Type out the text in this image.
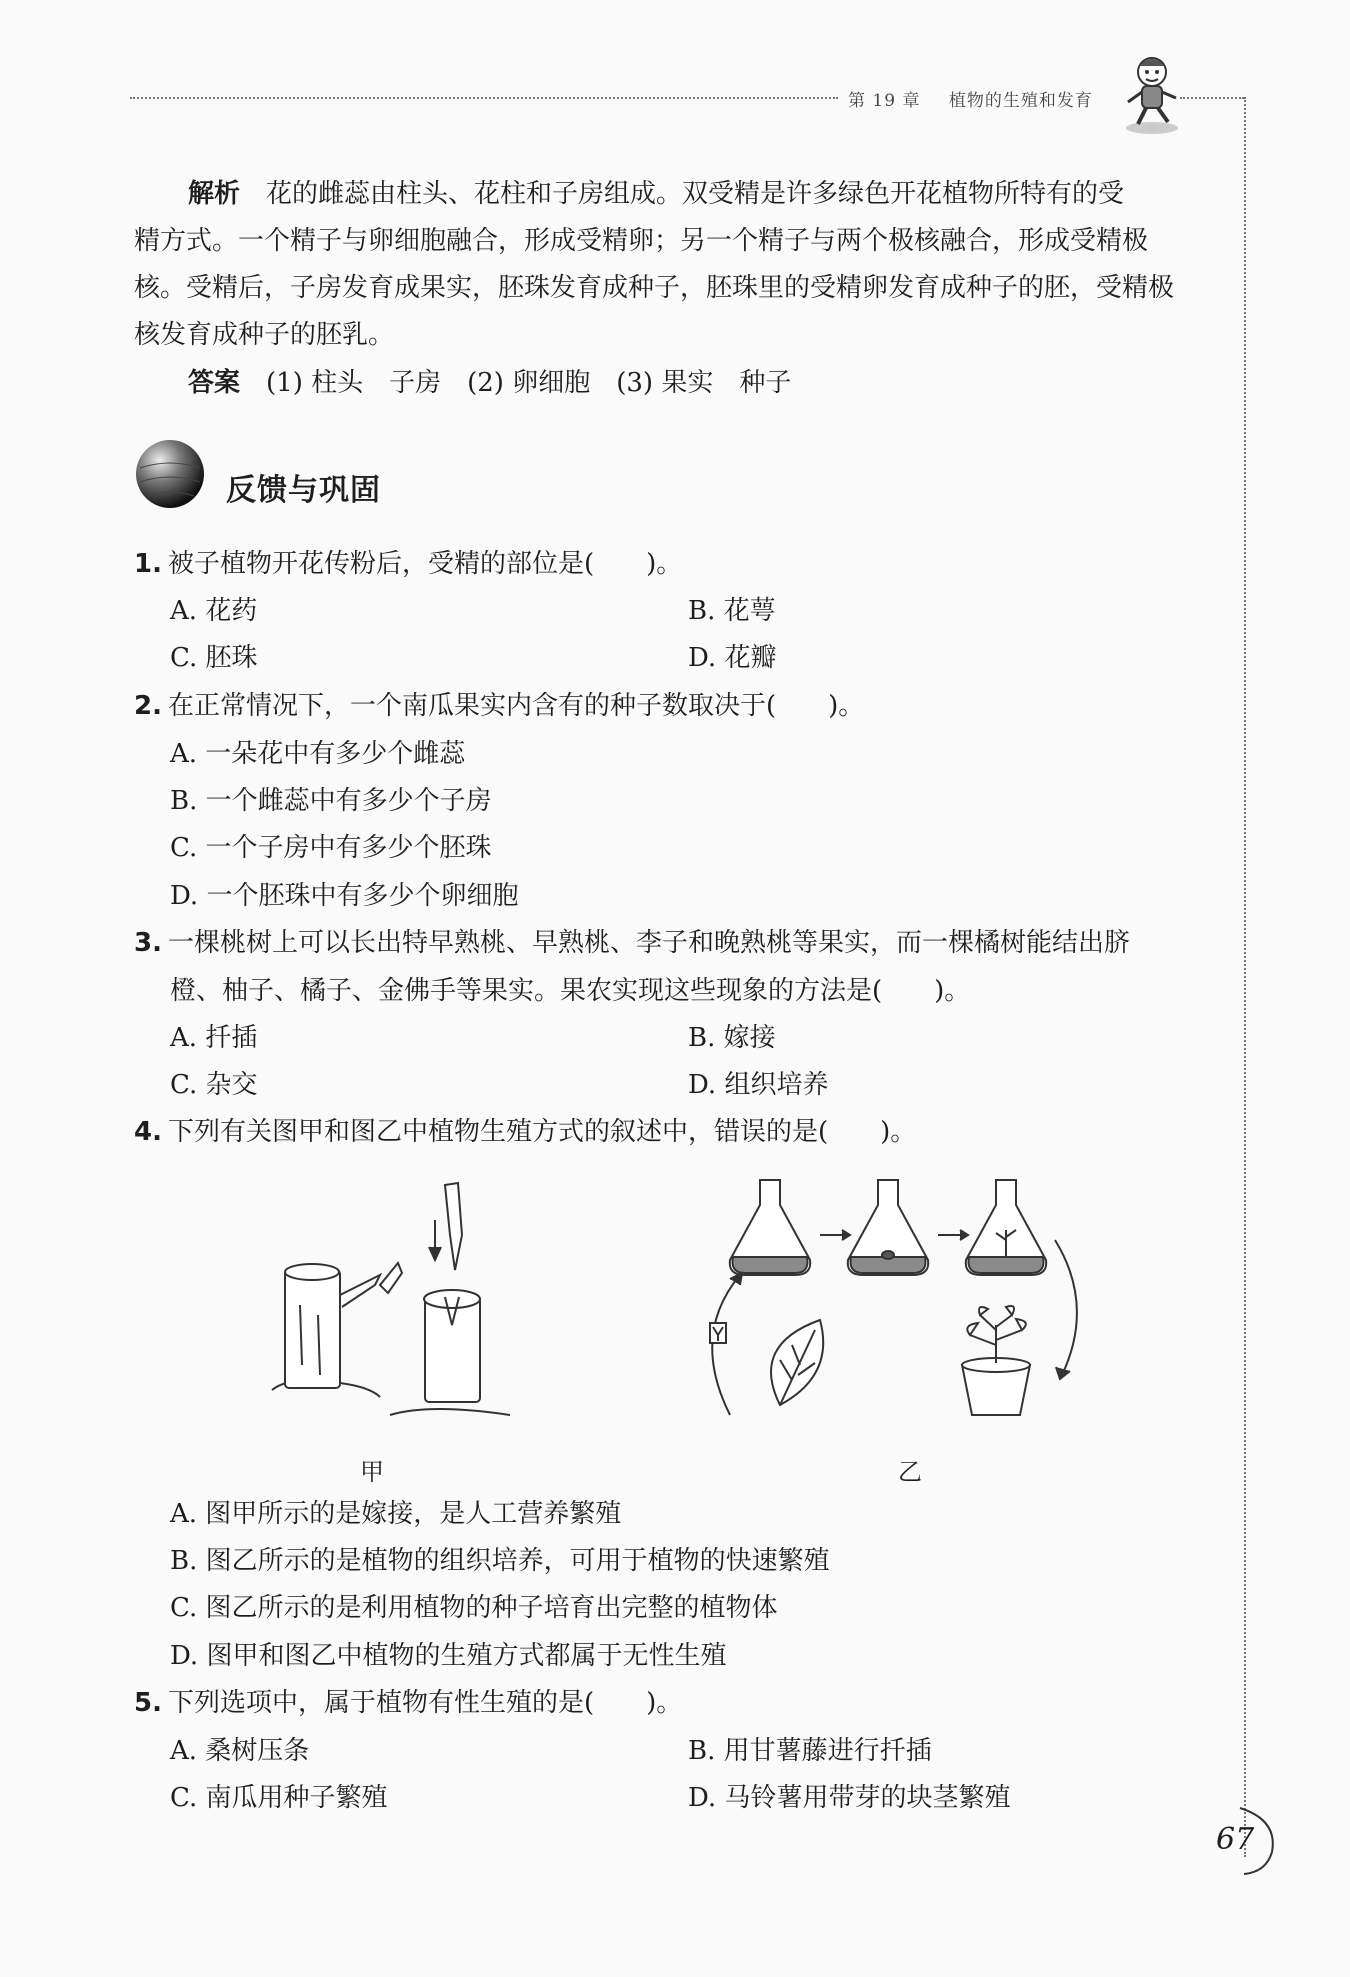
第 19 章 植物的生殖和发育
解析　 花的雌蕊由柱头、花柱和子房组成。双受精是许多绿色开花植物所特有的受
精方式。一个精子与卵细胞融合，形成受精卵；另一个精子与两个极核融合，形成受精极
核。受精后，子房发育成果实，胚珠发育成种子，胚珠里的受精卵发育成种子的胚，受精极
核发育成种子的胚乳。
答案　 (1) 柱头　子房　(2) 卵细胞　(3) 果实　种子
反馈与巩固
1. 被子植物开花传粉后，受精的部位是(　　)。
A. 花药	B. 花萼
C. 胚珠	D. 花瓣
2. 在正常情况下，一个南瓜果实内含有的种子数取决于(　　)。
A. 一朵花中有多少个雌蕊
B. 一个雌蕊中有多少个子房
C. 一个子房中有多少个胚珠
D. 一个胚珠中有多少个卵细胞
3. 一棵桃树上可以长出特早熟桃、早熟桃、李子和晚熟桃等果实，而一棵橘树能结出脐
橙、柚子、橘子、金佛手等果实。果农实现这些现象的方法是(　　)。
A. 扦插	B. 嫁接
C. 杂交	D. 组织培养
4. 下列有关图甲和图乙中植物生殖方式的叙述中，错误的是(　　)。
甲	乙
A. 图甲所示的是嫁接，是人工营养繁殖
B. 图乙所示的是植物的组织培养，可用于植物的快速繁殖
C. 图乙所示的是利用植物的种子培育出完整的植物体
D. 图甲和图乙中植物的生殖方式都属于无性生殖
5. 下列选项中，属于植物有性生殖的是(　　)。
A. 桑树压条	B. 用甘薯藤进行扦插
C. 南瓜用种子繁殖	D. 马铃薯用带芽的块茎繁殖
67
